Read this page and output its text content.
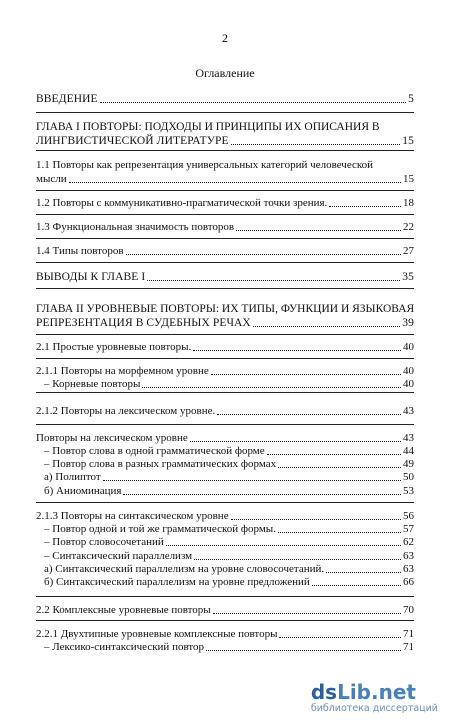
2
Оглавление
ВВЕДЕНИЕ	5
ГЛАВА I ПОВТОРЫ: ПОДХОДЫ И ПРИНЦИПЫ ИХ ОПИСАНИЯ В
ЛИНГВИСТИЧЕСКОЙ ЛИТЕРАТУРЕ	15
1.1 Повторы как репрезентация универсальных категорий человеческой
мысли	15
1.2 Повторы с коммуникативно-прагматической точки зрения.	18
1.3 Функциональная значимость повторов	22
1.4 Типы повторов	27
ВЫВОДЫ К ГЛАВЕ I	35
ГЛАВА II УРОВНЕВЫЕ ПОВТОРЫ: ИХ ТИПЫ, ФУНКЦИИ И ЯЗЫКОВАЯ
РЕПРЕЗЕНТАЦИЯ В СУДЕБНЫХ РЕЧАХ	39
2.1 Простые уровневые повторы.	40
2.1.1 Повторы на морфемном уровне	40
– Корневые повторы	40
2.1.2 Повторы на лексическом уровне.	43
Повторы на лексическом уровне	43
– Повтор слова в одной грамматической форме	44
– Повтор слова в разных грамматических формах	49
а) Полиптот	50
б) Аниоминация	53
2.1.3 Повторы на синтаксическом уровне	56
– Повтор одной и той же грамматической формы.	57
– Повтор словосочетаний	62
– Синтаксический параллелизм	63
а) Синтаксический параллелизм на уровне словосочетаний.	63
б) Синтаксический параллелизм на уровне предложений	66
2.2 Комплексные уровневые повторы	70
2.2.1 Двухтипные уровневые комплексные повторы	71
– Лексико-синтаксический повтор	71
dsLib.net
библиотека диссертаций
